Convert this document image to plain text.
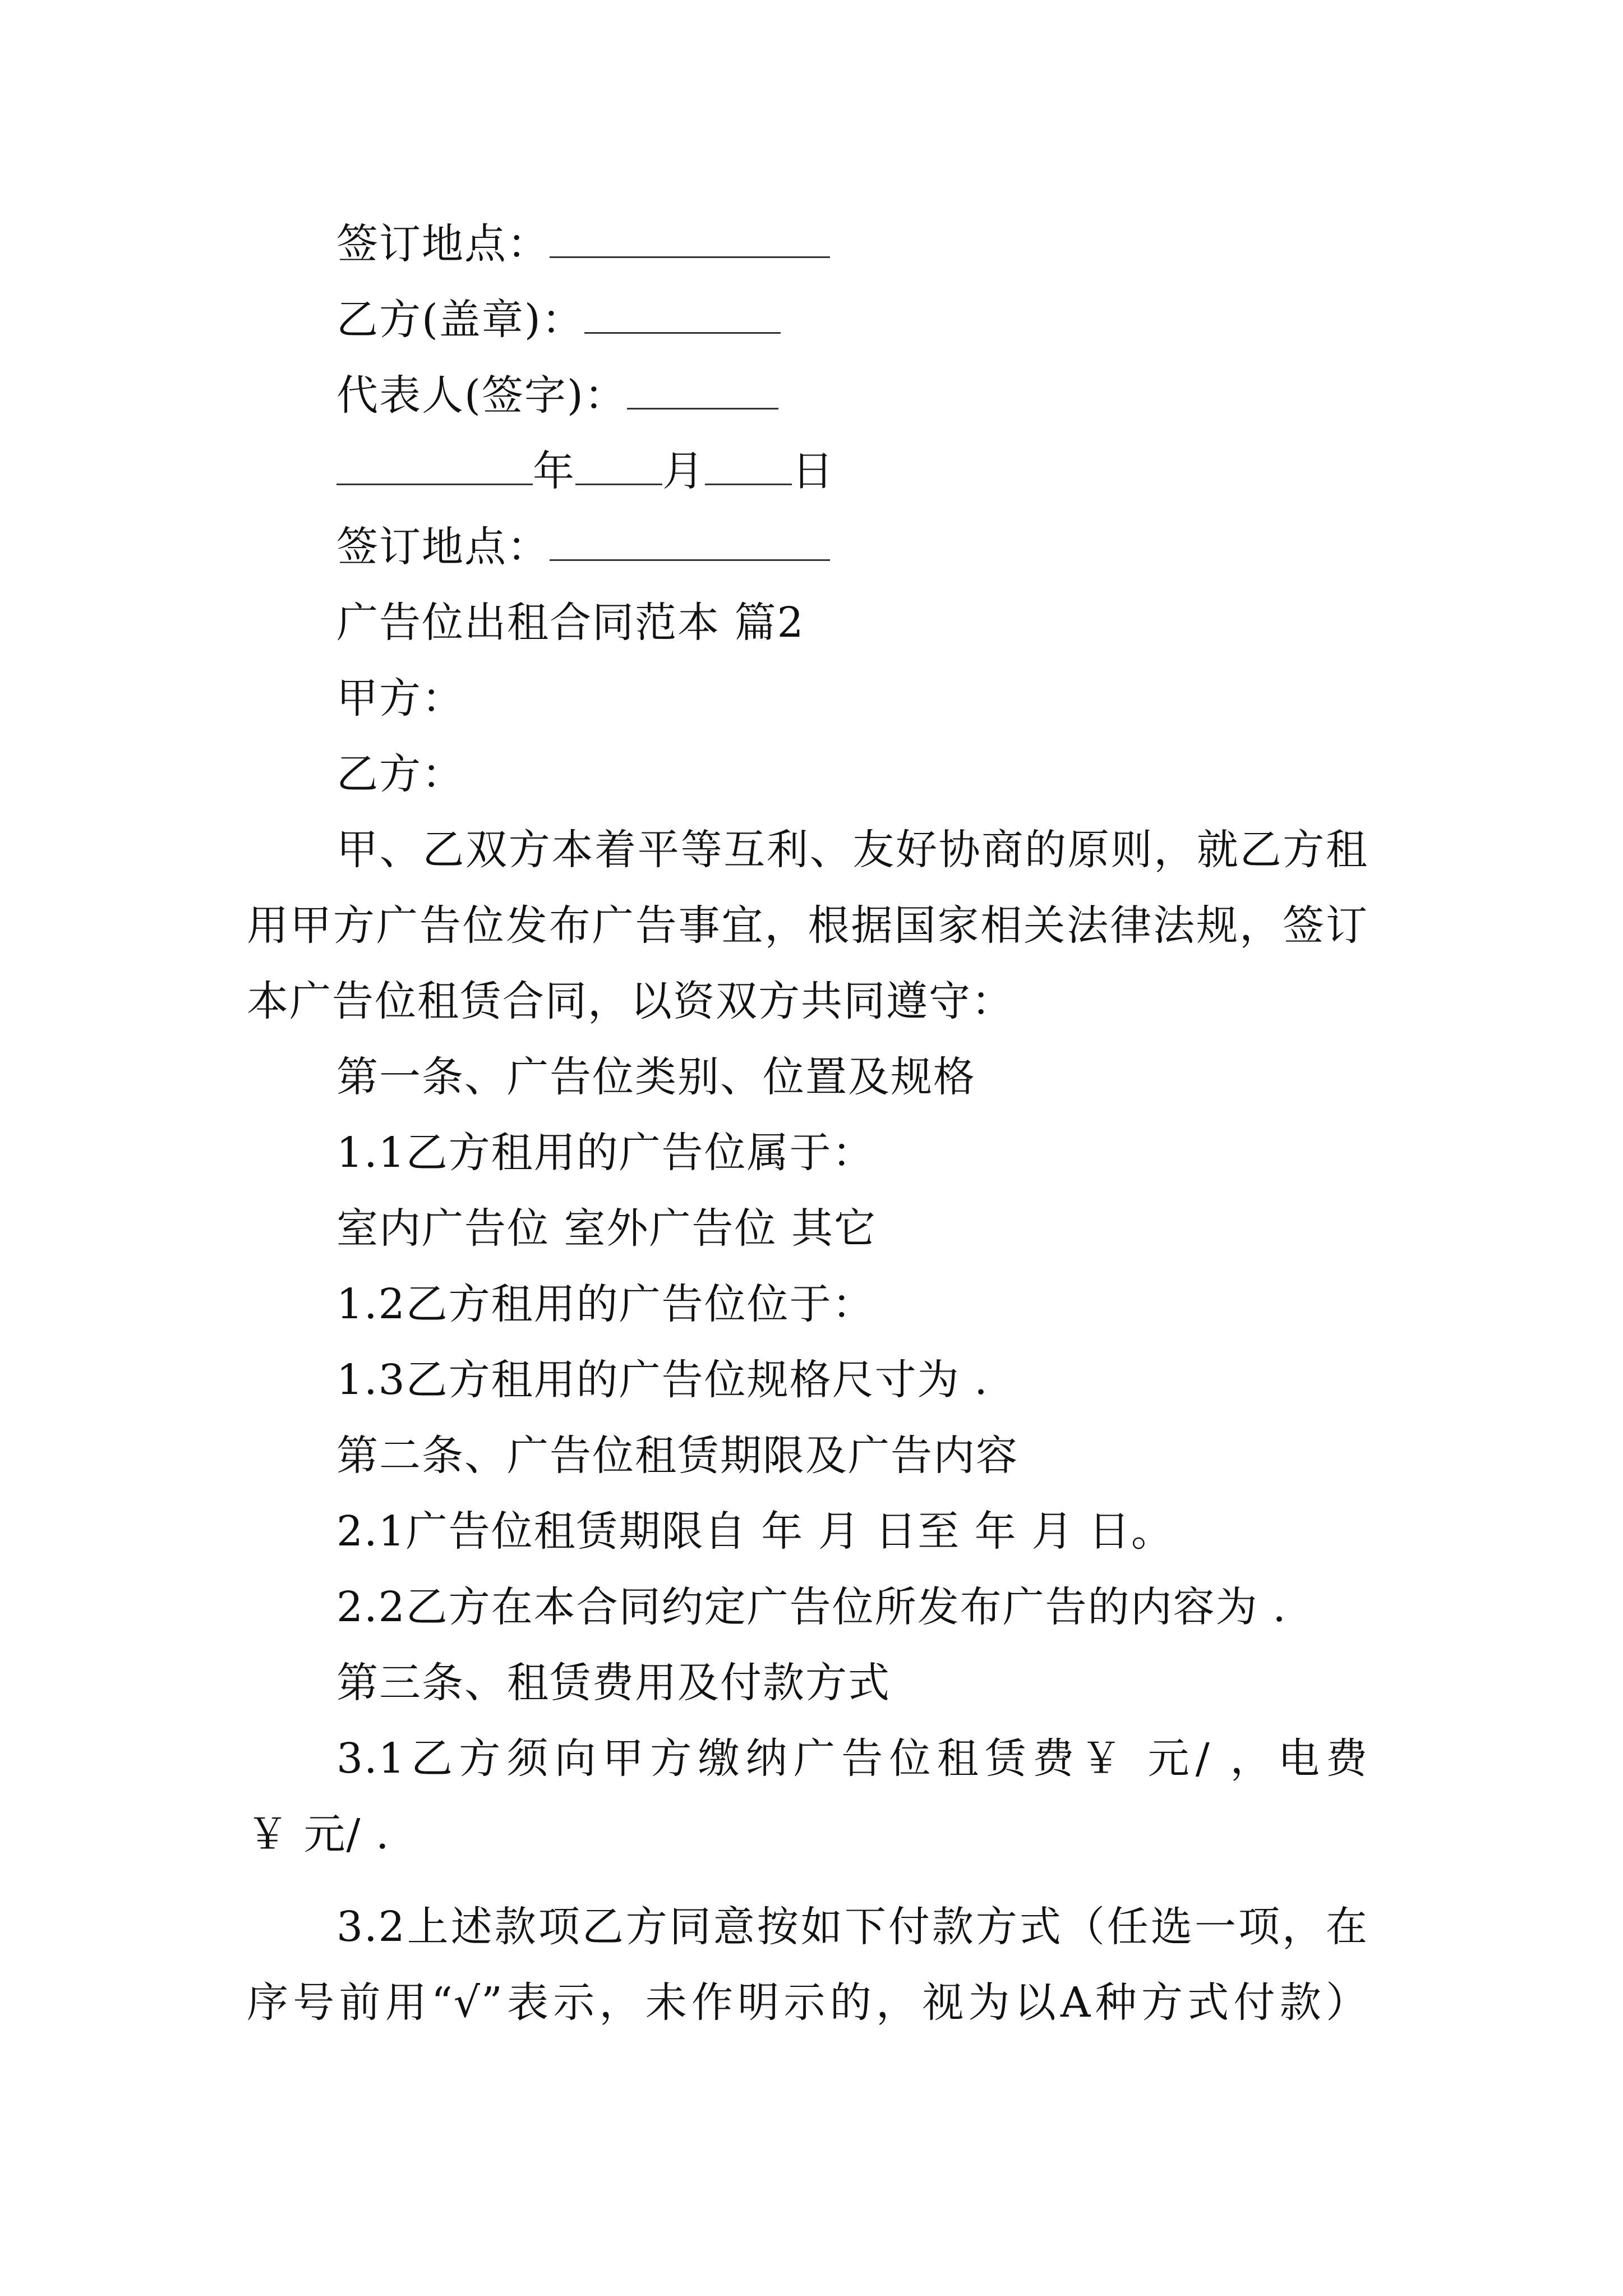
签订地点：
乙方(盖章)：
代表人(签字)：
年 月 日
签订地点：
广告位出租合同范本 篇2
甲方：
乙方：
甲、乙双方本着平等互利、友好协商的原则，就乙方租
用甲方广告位发布广告事宜，根据国家相关法律法规，签订
本广告位租赁合同，以资双方共同遵守：
第一条、广告位类别、位置及规格
1.1乙方租用的广告位属于：
室内广告位 室外广告位 其它
1.2乙方租用的广告位位于：
1.3乙方租用的广告位规格尺寸为 .
第二条、广告位租赁期限及广告内容
2.1广告位租赁期限自 年 月 日至 年 月 日。
2.2乙方在本合同约定广告位所发布广告的内容为 .
第三条、租赁费用及付款方式
3.1乙方须向甲方缴纳广告位租赁费￥ 元/ ，电费
￥ 元/ .
3.2上述款项乙方同意按如下付款方式（任选一项，在
序号前用“√”表示，未作明示的，视为以A种方式付款）
